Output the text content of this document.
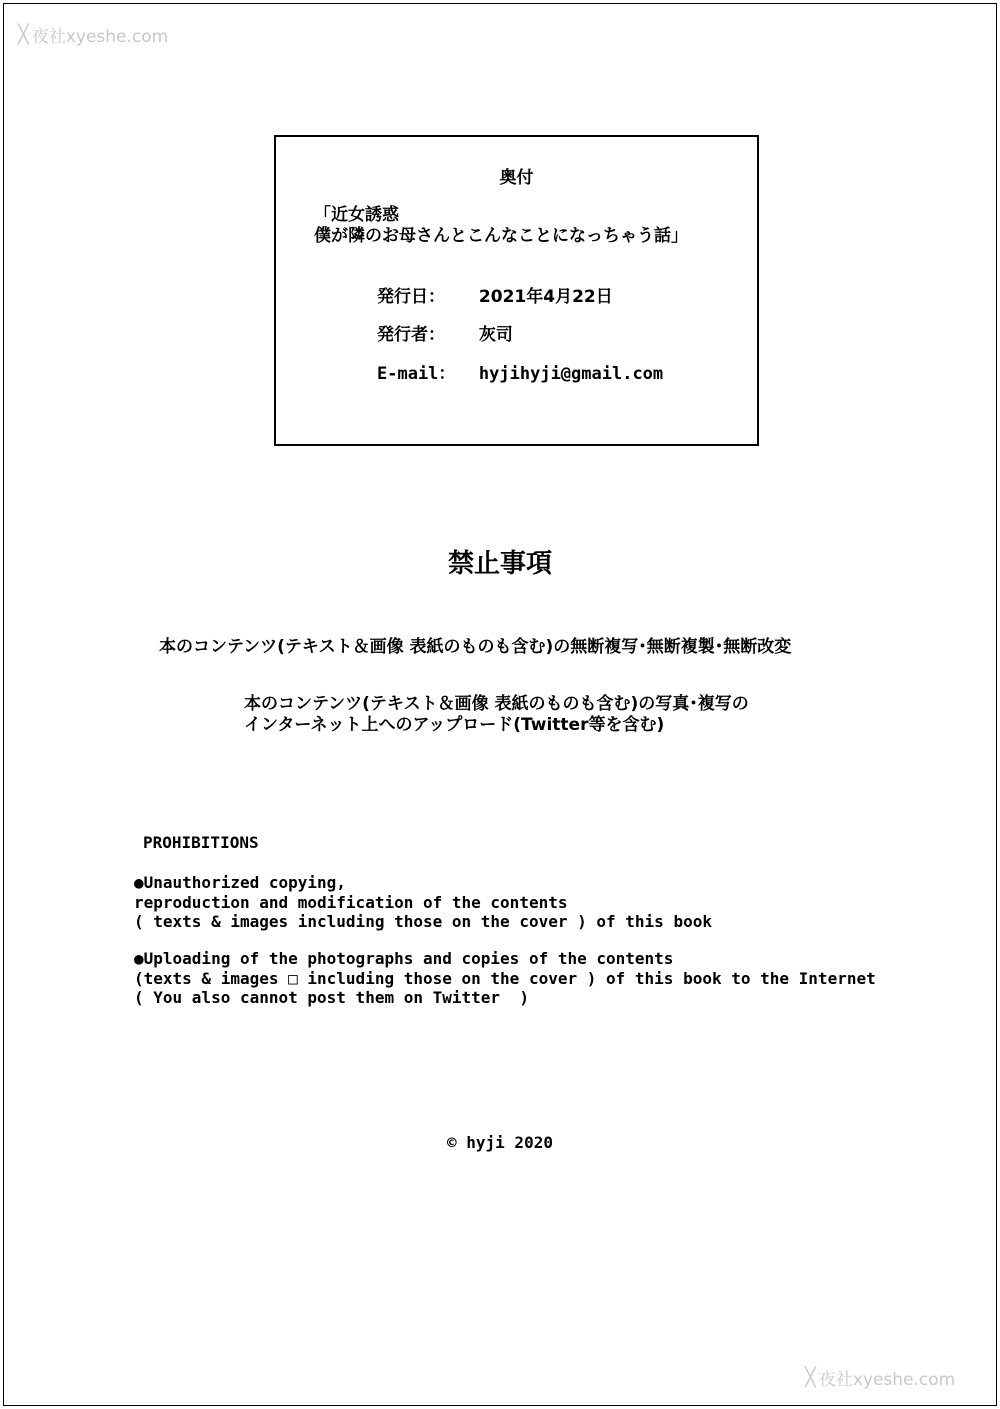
╳ 夜社xyeshe.com
奥付
「近女誘惑
僕が隣のお母さんとこんなことになっちゃう話」
発行日： 2021年4月22日
発行者： 灰司
E-mail： hyjihyji@gmail.com
禁止事項
本のコンテンツ(テキスト＆画像 表紙のものも含む)の無断複写･無断複製･無断改変
本のコンテンツ(テキスト＆画像 表紙のものも含む)の写真･複写の
インターネット上へのアップロード(Twitter等を含む)
PROHIBITIONS
●Unauthorized copying,
reproduction and modification of the contents
( texts & images including those on the cover ) of this book
●Uploading of the photographs and copies of the contents
(texts & images □ including those on the cover ) of this book to the Internet
( You also cannot post them on Twitter  )
© hyji 2020
╳ 夜社xyeshe.com
